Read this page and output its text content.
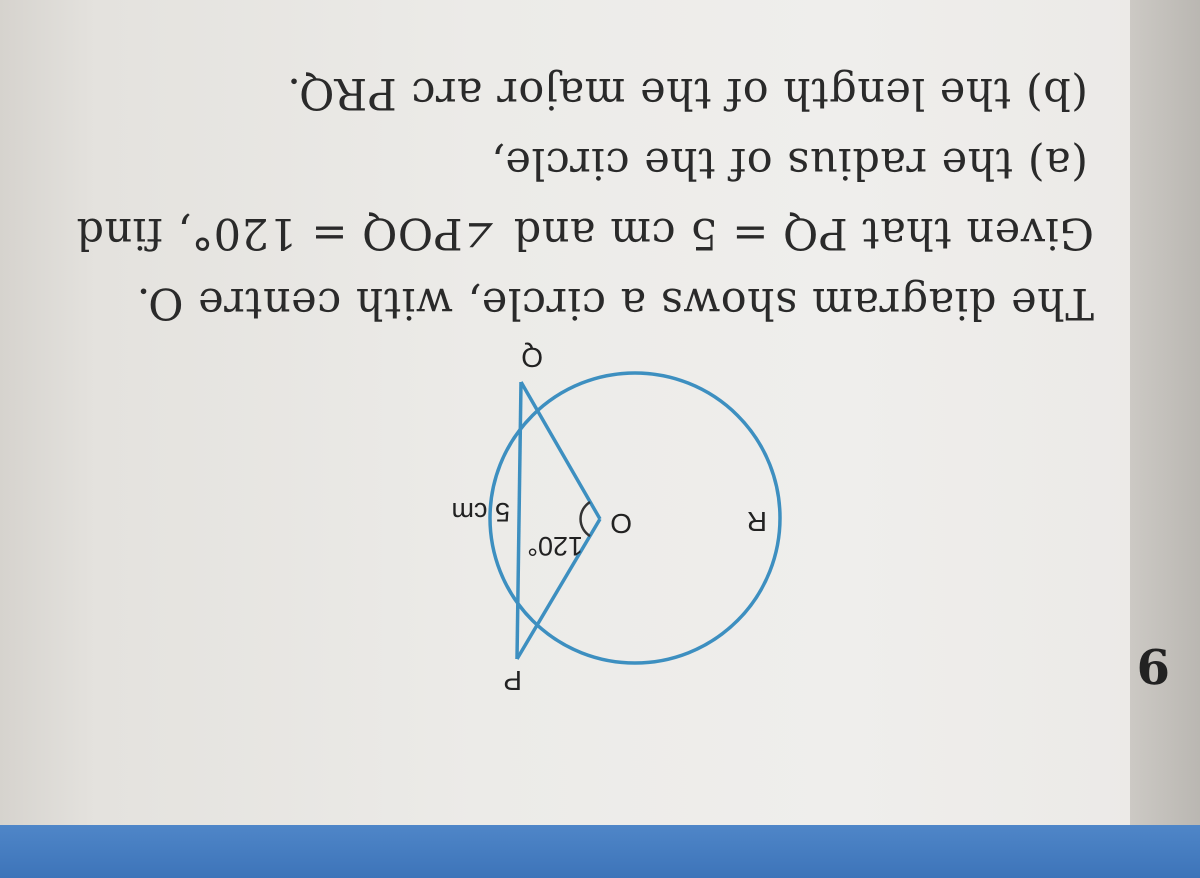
9
P
R
O
Q
120°
5 cm
The diagram shows a circle, with centre O.
Given that PQ = 5 cm and ∠POQ = 120°, find
(a) the radius of the circle,
(b) the length of the major arc PRQ.
